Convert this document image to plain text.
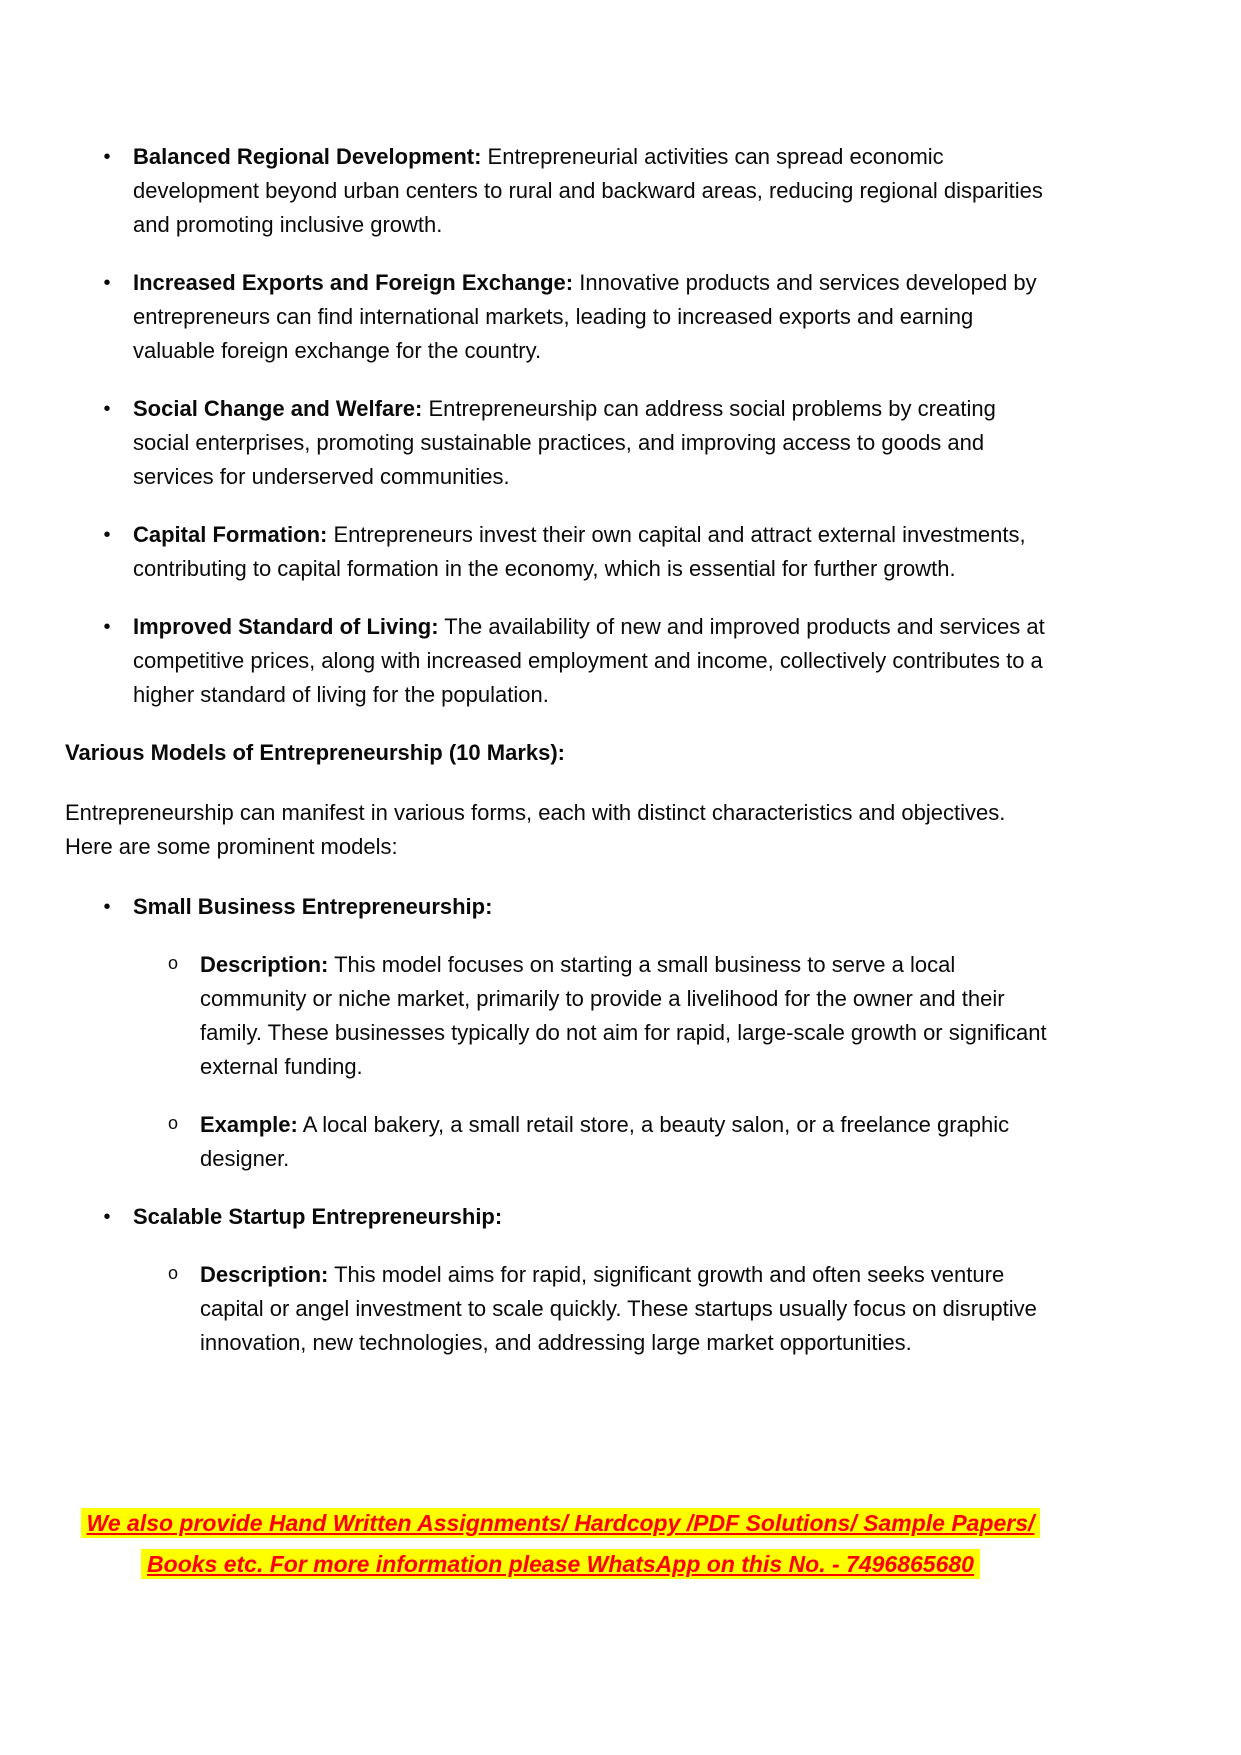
• Balanced Regional Development: Entrepreneurial activities can spread economic development beyond urban centers to rural and backward areas, reducing regional disparities and promoting inclusive growth.

• Increased Exports and Foreign Exchange: Innovative products and services developed by entrepreneurs can find international markets, leading to increased exports and earning valuable foreign exchange for the country.

• Social Change and Welfare: Entrepreneurship can address social problems by creating social enterprises, promoting sustainable practices, and improving access to goods and services for underserved communities.

• Capital Formation: Entrepreneurs invest their own capital and attract external investments, contributing to capital formation in the economy, which is essential for further growth.

• Improved Standard of Living: The availability of new and improved products and services at competitive prices, along with increased employment and income, collectively contributes to a higher standard of living for the population.

Various Models of Entrepreneurship (10 Marks):

Entrepreneurship can manifest in various forms, each with distinct characteristics and objectives. Here are some prominent models:

• Small Business Entrepreneurship:

o Description: This model focuses on starting a small business to serve a local community or niche market, primarily to provide a livelihood for the owner and their family. These businesses typically do not aim for rapid, large-scale growth or significant external funding.

o Example: A local bakery, a small retail store, a beauty salon, or a freelance graphic designer.

• Scalable Startup Entrepreneurship:

o Description: This model aims for rapid, significant growth and often seeks venture capital or angel investment to scale quickly. These startups usually focus on disruptive innovation, new technologies, and addressing large market opportunities.

We also provide Hand Written Assignments/ Hardcopy /PDF Solutions/ Sample Papers/
Books etc. For more information please WhatsApp on this No. - 7496865680
